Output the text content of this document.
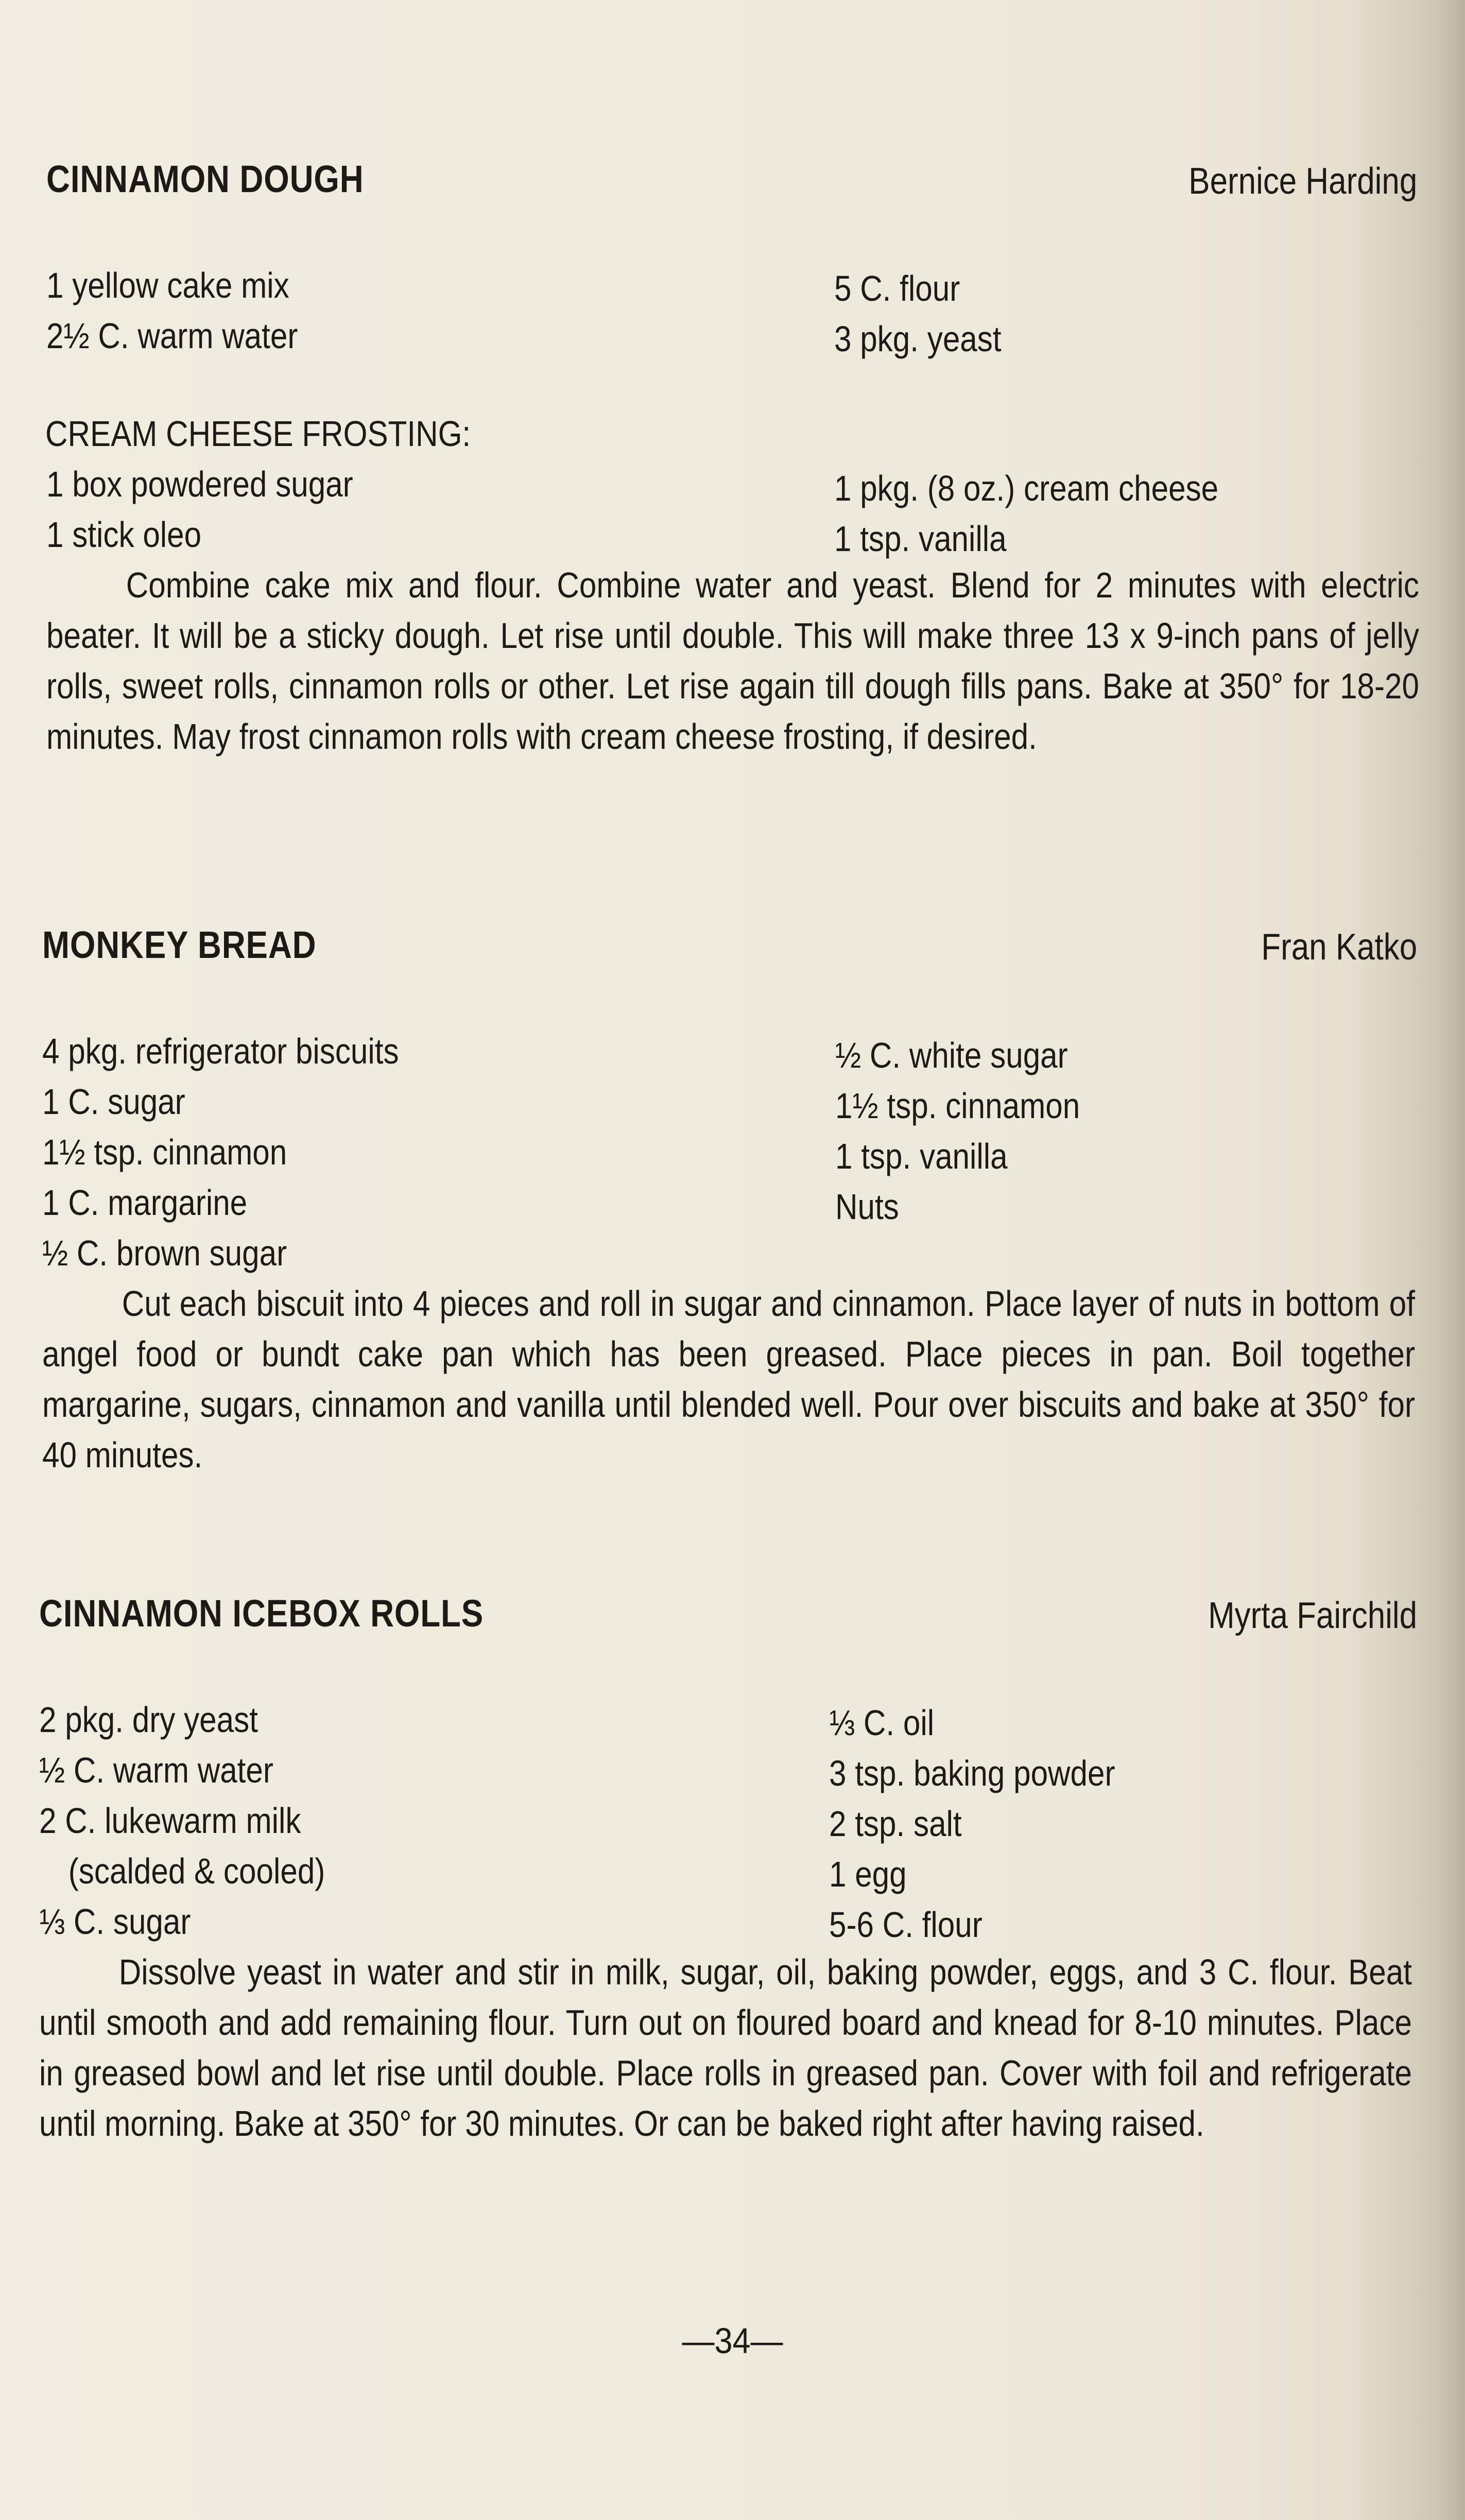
CINNAMON DOUGH	Bernice Harding
1 yellow cake mix
2½ C. warm water
5 C. flour
3 pkg. yeast
CREAM CHEESE FROSTING:
1 box powdered sugar
1 stick oleo
1 pkg. (8 oz.) cream cheese
1 tsp. vanilla

Combine cake mix and flour. Combine water and yeast. Blend for 2 minutes with electric beater. It will be a sticky dough. Let rise until double. This will make three 13 x 9-inch pans of jelly rolls, sweet rolls, cinnamon rolls or other. Let rise again till dough fills pans. Bake at 350° for 18-20 minutes. May frost cinnamon rolls with cream cheese frosting, if desired.

MONKEY BREAD	Fran Katko
4 pkg. refrigerator biscuits
1 C. sugar
1½ tsp. cinnamon
1 C. margarine
½ C. brown sugar
½ C. white sugar
1½ tsp. cinnamon
1 tsp. vanilla
Nuts

Cut each biscuit into 4 pieces and roll in sugar and cinnamon. Place layer of nuts in bottom of angel food or bundt cake pan which has been greased. Place pieces in pan. Boil together margarine, sugars, cinnamon and vanilla until blended well. Pour over biscuits and bake at 350° for 40 minutes.

CINNAMON ICEBOX ROLLS	Myrta Fairchild
2 pkg. dry yeast
½ C. warm water
2 C. lukewarm milk
(scalded & cooled)
⅓ C. sugar
⅓ C. oil
3 tsp. baking powder
2 tsp. salt
1 egg
5-6 C. flour

Dissolve yeast in water and stir in milk, sugar, oil, baking powder, eggs, and 3 C. flour. Beat until smooth and add remaining flour. Turn out on floured board and knead for 8-10 minutes. Place in greased bowl and let rise until double. Place rolls in greased pan. Cover with foil and refrigerate until morning. Bake at 350° for 30 minutes. Or can be baked right after having raised.

—34—
